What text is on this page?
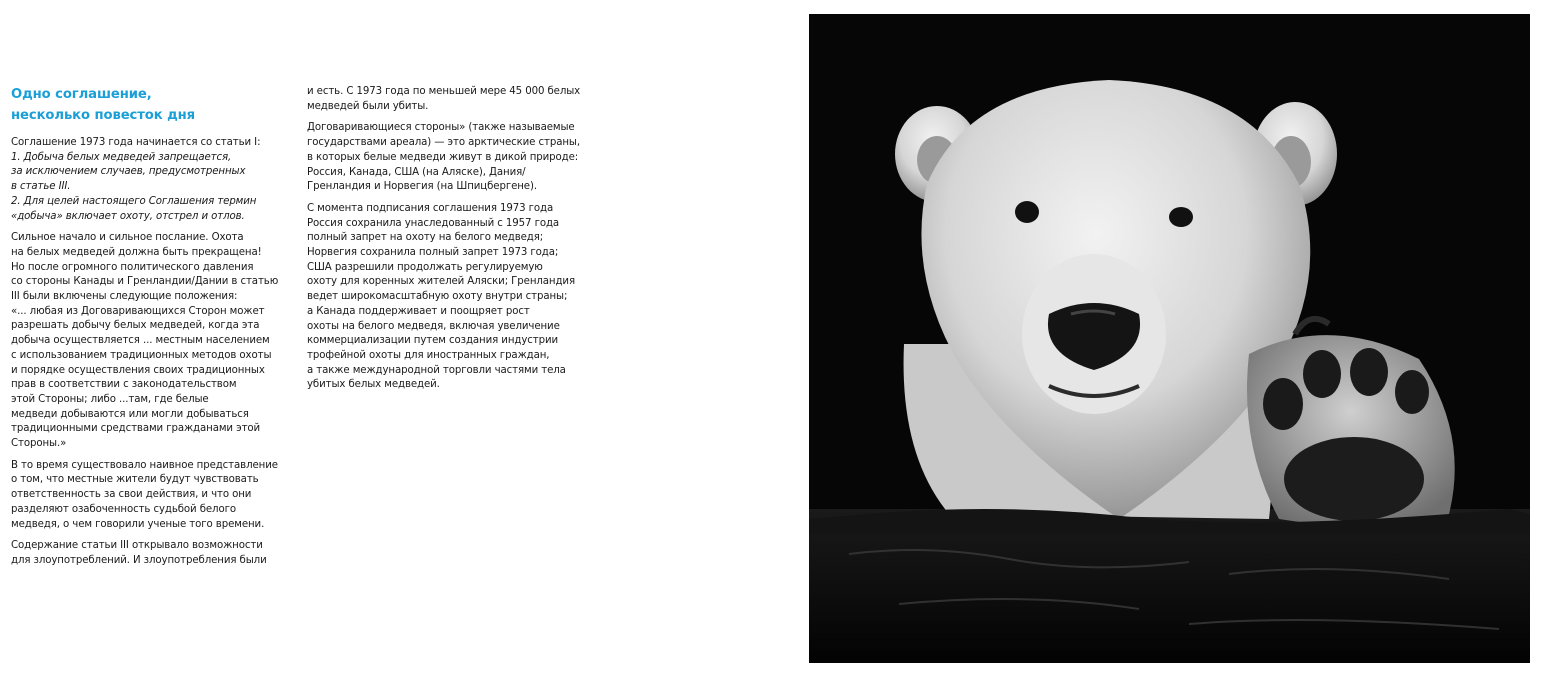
Одно соглашение,
несколько повесток дня

Соглашение 1973 года начинается со статьи I:
1. Добыча белых медведей запрещается,
за исключением случаев, предусмотренных
в статье III.
2. Для целей настоящего Соглашения термин
«добыча» включает охоту, отстрел и отлов.

Сильное начало и сильное послание. Охота
на белых медведей должна быть прекращена!
Но после огромного политического давления
со стороны Канады и Гренландии/Дании в статью
III были включены следующие положения:
«... любая из Договаривающихся Сторон может
разрешать добычу белых медведей, когда эта
добыча осуществляется ... местным населением
с использованием традиционных методов охоты
и порядке осуществления своих традиционных
прав в соответствии с законодательством
этой Стороны; либо ...там, где белые
медведи добываются или могли добываться
традиционными средствами гражданами этой
Стороны.»

В то время существовало наивное представление
о том, что местные жители будут чувствовать
ответственность за свои действия, и что они
разделяют озабоченность судьбой белого
медведя, о чем говорили ученые того времени.

Содержание статьи III открывало возможности
для злоупотреблений. И злоупотребления были

и есть. С 1973 года по меньшей мере 45 000 белых
медведей были убиты.

Договаривающиеся стороны» (также называемые
государствами ареала) — это арктические страны,
в которых белые медведи живут в дикой природе:
Россия, Канада, США (на Аляске), Дания/
Гренландия и Норвегия (на Шпицбергене).

С момента подписания соглашения 1973 года
Россия сохранила унаследованный с 1957 года
полный запрет на охоту на белого медведя;
Норвегия сохранила полный запрет 1973 года;
США разрешили продолжать регулируемую
охоту для коренных жителей Аляски; Гренландия
ведет широкомасштабную охоту внутри страны;
а Канада поддерживает и поощряет рост
охоты на белого медведя, включая увеличение
коммерциализации путем создания индустрии
трофейной охоты для иностранных граждан,
а также международной торговли частями тела
убитых белых медведей.
